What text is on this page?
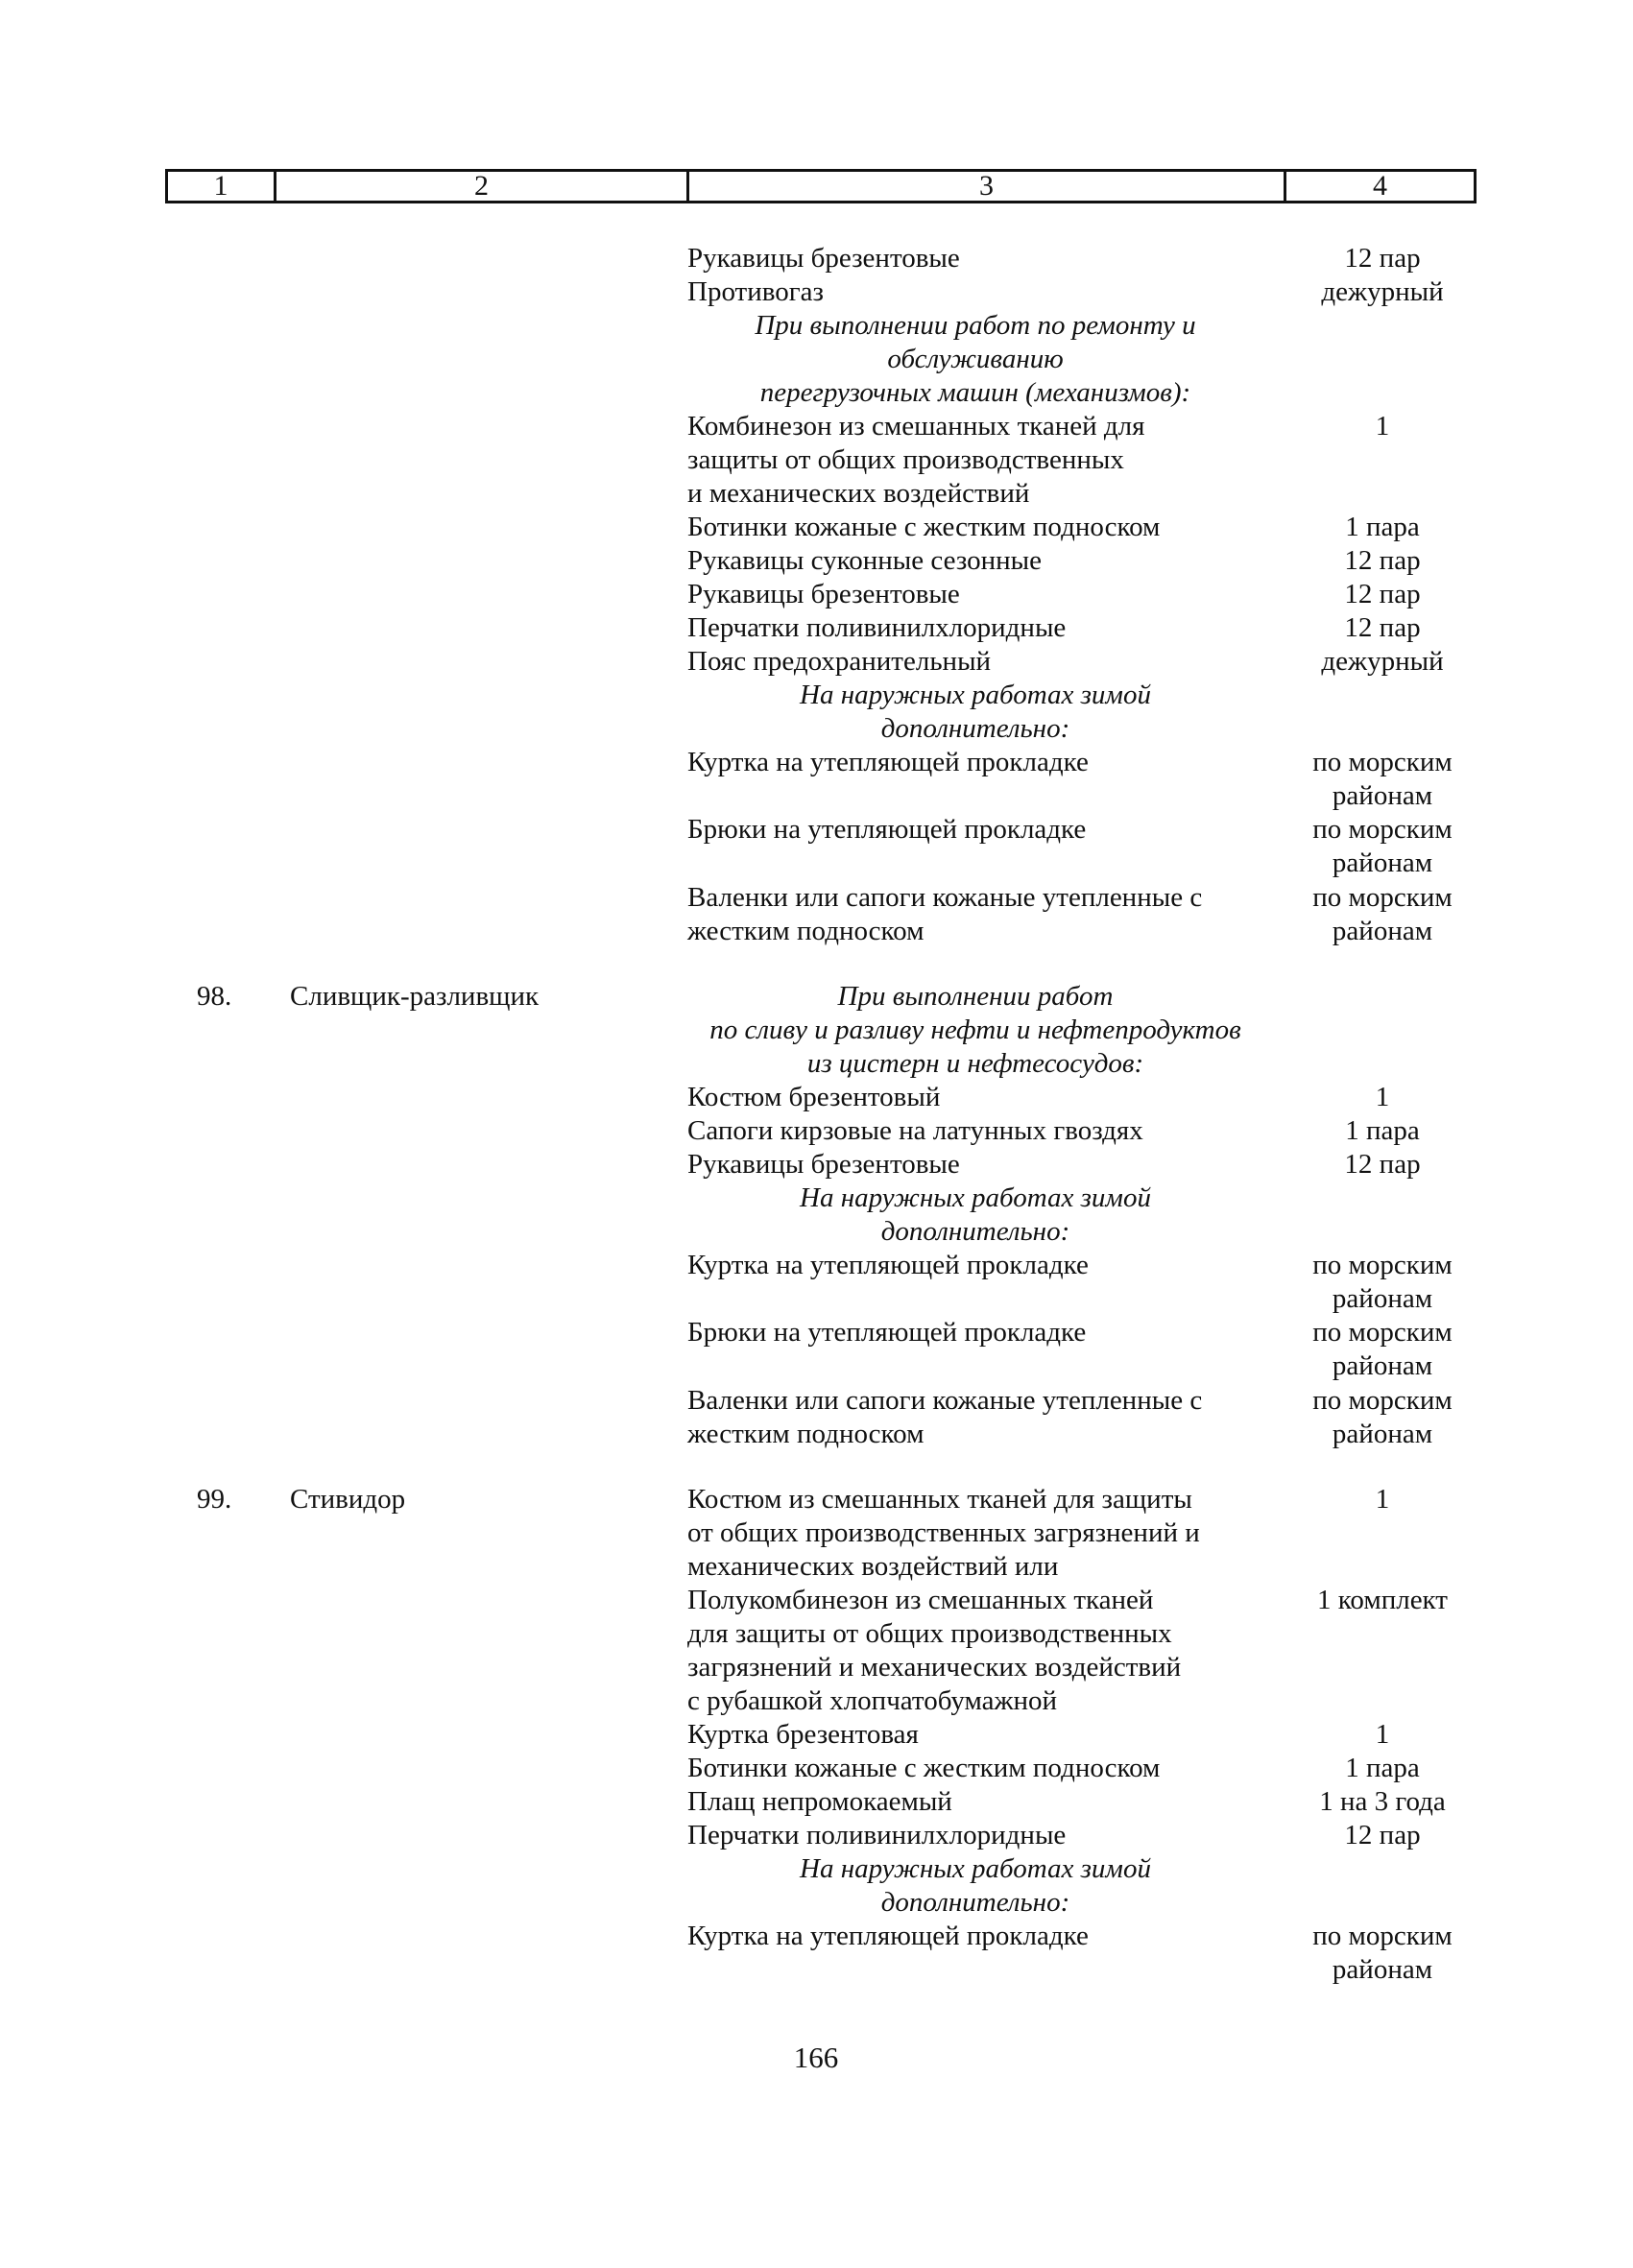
1	2	3	4
Рукавицы брезентовые	12 пар
Противогаз	дежурный
При выполнении работ по ремонту и
обслуживанию
перегрузочных машин (механизмов):
Комбинезон из смешанных тканей для	1
защиты от общих производственных
и механических воздействий
Ботинки кожаные с жестким подноском	1 пара
Рукавицы суконные сезонные	12 пар
Рукавицы брезентовые	12 пар
Перчатки поливинилхлоридные	12 пар
Пояс предохранительный	дежурный
На наружных работах зимой
дополнительно:
Куртка на утепляющей прокладке	по морским
районам
Брюки на утепляющей прокладке	по морским
районам
Валенки или сапоги кожаные утепленные с	по морским
жестким подноском	районам
98. Сливщик-разливщик	При выполнении работ
по сливу и разливу нефти и нефтепродуктов
из цистерн и нефтесосудов:
Костюм брезентовый	1
Сапоги кирзовые на латунных гвоздях	1 пара
Рукавицы брезентовые	12 пар
На наружных работах зимой
дополнительно:
Куртка на утепляющей прокладке	по морским
районам
Брюки на утепляющей прокладке	по морским
районам
Валенки или сапоги кожаные утепленные с	по морским
жестким подноском	районам
99. Стивидор	Костюм из смешанных тканей для защиты	1
от общих производственных загрязнений и
механических воздействий или
Полукомбинезон из смешанных тканей	1 комплект
для защиты от общих производственных
загрязнений и механических воздействий
с рубашкой хлопчатобумажной
Куртка брезентовая	1
Ботинки кожаные с жестким подноском	1 пара
Плащ непромокаемый	1 на 3 года
Перчатки поливинилхлоридные	12 пар
На наружных работах зимой
дополнительно:
Куртка на утепляющей прокладке	по морским
районам
166
